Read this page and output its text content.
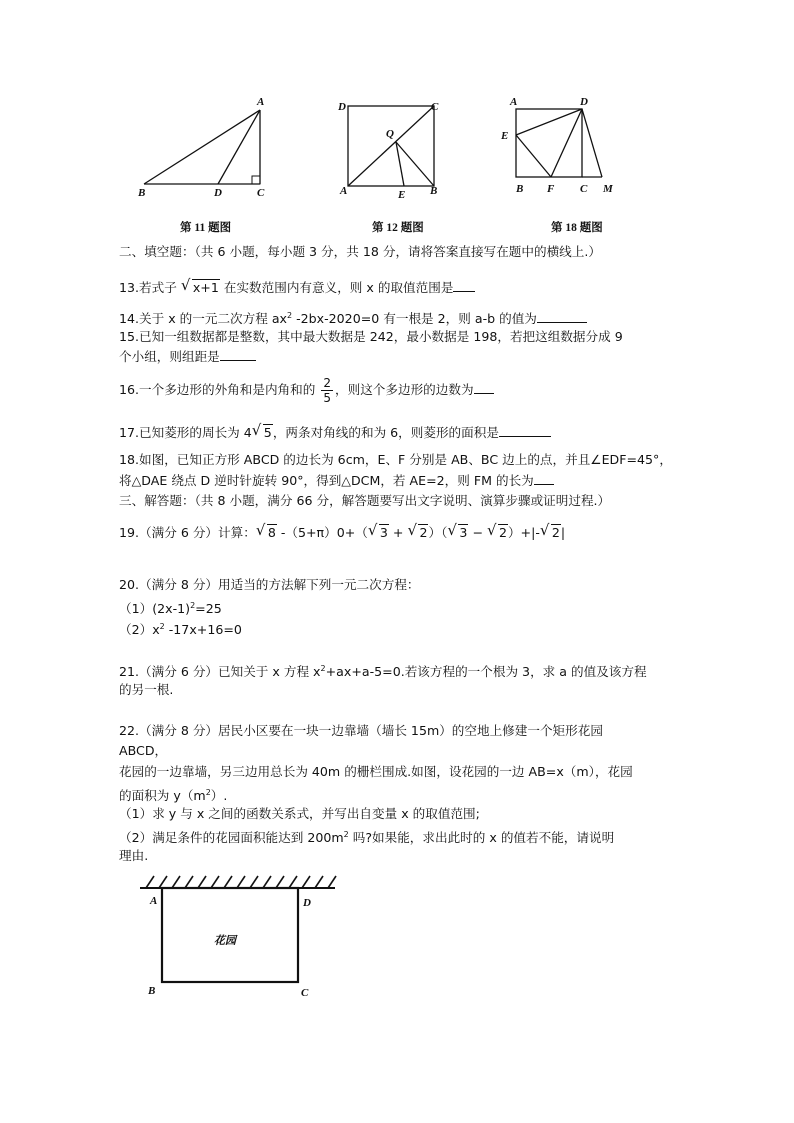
A
B	D	C
第 11 题图
D	C
Q
A	E B
第 12 题图
A	D
E
B F C M
第 18 题图
二、填空题：（共 6 小题，每小题 3 分，共 18 分，请将答案直接写在题中的横线上.）
13.若式子 √ x+1 在实数范围内有意义，则 x 的取值范围是
14.关于 x 的一元二次方程 $ax^2$ -2bx-2020=0 有一根是 2，则 a-b 的值为
15.已知一组数据都是整数，其中最大数据是 242，最小数据是 198，若把这组数据分成 9
个小组，则组距是
16.一个多边形的外角和是内角和的 $\frac{2}{5}$ ，则这个多边形的边数为
17.已知菱形的周长为 4 √ 5，两条对角线的和为 6，则菱形的面积是
18.如图，已知正方形 ABCD 的边长为 6cm，E、F 分别是 AB、BC 边上的点，并且∠EDF=45°，
将△DAE 绕点 D 逆时针旋转 90°，得到△DCM，若 AE=2，则 FM 的长为
三、解答题：（共 8 小题，满分 66 分，解答题要写出文字说明、演算步骤或证明过程.）
19.（满分 6 分）计算： √ 8 -（5+π）0+（ √ 3 + √ 2）（ √ 3 − √ 2）+|- √ 2|
20.（满分 8 分）用适当的方法解下列一元二次方程：
$(1)(2x-1)^2=25$
$(2)x^2$ -17x+16=0
21.（满分 6 分）已知关于 x 方程 $x^2+ax+a-5=0$.若该方程的一个根为 3，求 a 的值及该方程
的另一根.
22.（满分 8 分）居民小区要在一块一边靠墙（墙长 15m）的空地上修建一个矩形花园
ABCD，
花园的一边靠墙，另三边用总长为 40m 的栅栏围成.如图，设花园的一边 AB=x（m），花园
的面积为 $y(m^2)$.
（1）求 y 与 x 之间的函数关系式，并写出自变量 x 的取值范围;
（2）满足条件的花园面积能达到 $200m^2$ 吗?如果能，求出此时的 x 的值若不能，请说明
理由.
A	D
B	C
花园
